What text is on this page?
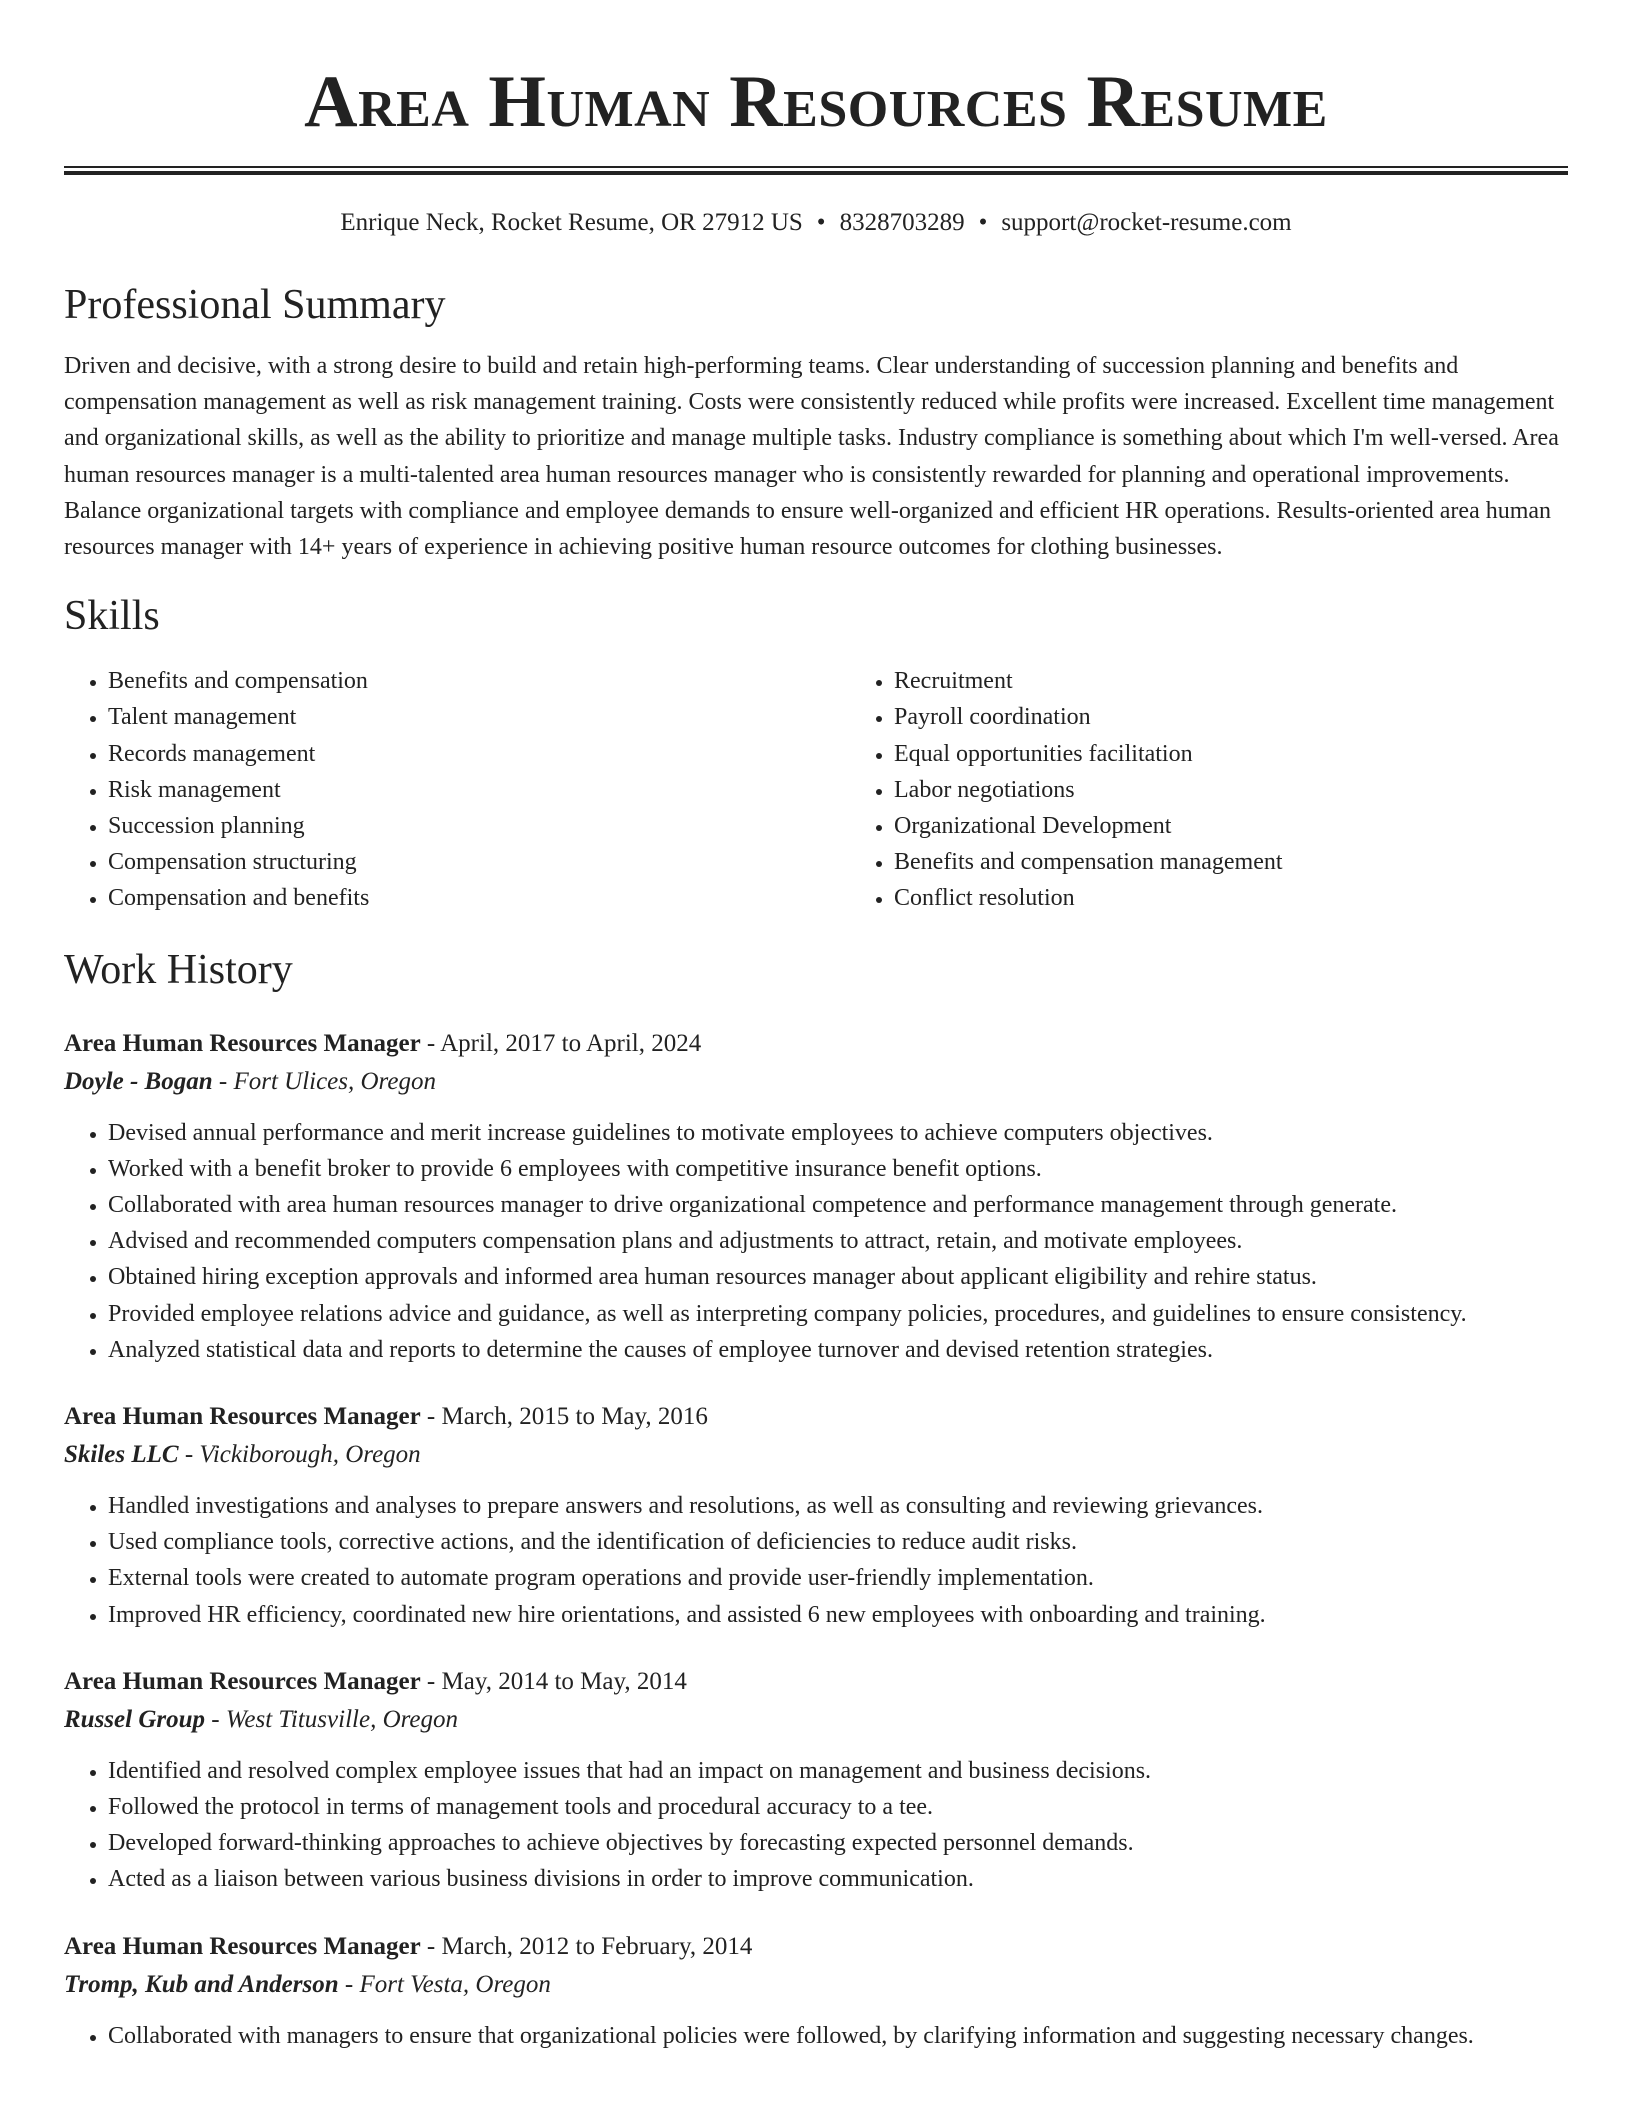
Area Human Resources Resume
Enrique Neck, Rocket Resume, OR 27912 US • 8328703289 • support@rocket-resume.com
Professional Summary

Driven and decisive, with a strong desire to build and retain high-performing teams. Clear understanding of succession planning and benefits and compensation management as well as risk management training. Costs were consistently reduced while profits were increased. Excellent time management and organizational skills, as well as the ability to prioritize and manage multiple tasks. Industry compliance is something about which I'm well-versed. Area human resources manager is a multi-talented area human resources manager who is consistently rewarded for planning and operational improvements. Balance organizational targets with compliance and employee demands to ensure well-organized and efficient HR operations. Results-oriented area human resources manager with 14+ years of experience in achieving positive human resource outcomes for clothing businesses.

Skills
• Benefits and compensation
• Talent management
• Records management
• Risk management
• Succession planning
• Compensation structuring
• Compensation and benefits
• Recruitment
• Payroll coordination
• Equal opportunities facilitation
• Labor negotiations
• Organizational Development
• Benefits and compensation management
• Conflict resolution
Work History
Area Human Resources Manager - April, 2017 to April, 2024
Doyle - Bogan - Fort Ulices, Oregon
• Devised annual performance and merit increase guidelines to motivate employees to achieve computers objectives.
• Worked with a benefit broker to provide 6 employees with competitive insurance benefit options.
• Collaborated with area human resources manager to drive organizational competence and performance management through generate.
• Advised and recommended computers compensation plans and adjustments to attract, retain, and motivate employees.
• Obtained hiring exception approvals and informed area human resources manager about applicant eligibility and rehire status.
• Provided employee relations advice and guidance, as well as interpreting company policies, procedures, and guidelines to ensure consistency.
• Analyzed statistical data and reports to determine the causes of employee turnover and devised retention strategies.
Area Human Resources Manager - March, 2015 to May, 2016
Skiles LLC - Vickiborough, Oregon
• Handled investigations and analyses to prepare answers and resolutions, as well as consulting and reviewing grievances.
• Used compliance tools, corrective actions, and the identification of deficiencies to reduce audit risks.
• External tools were created to automate program operations and provide user-friendly implementation.
• Improved HR efficiency, coordinated new hire orientations, and assisted 6 new employees with onboarding and training.
Area Human Resources Manager - May, 2014 to May, 2014
Russel Group - West Titusville, Oregon
• Identified and resolved complex employee issues that had an impact on management and business decisions.
• Followed the protocol in terms of management tools and procedural accuracy to a tee.
• Developed forward-thinking approaches to achieve objectives by forecasting expected personnel demands.
• Acted as a liaison between various business divisions in order to improve communication.
Area Human Resources Manager - March, 2012 to February, 2014
Tromp, Kub and Anderson - Fort Vesta, Oregon
• Collaborated with managers to ensure that organizational policies were followed, by clarifying information and suggesting necessary changes.
